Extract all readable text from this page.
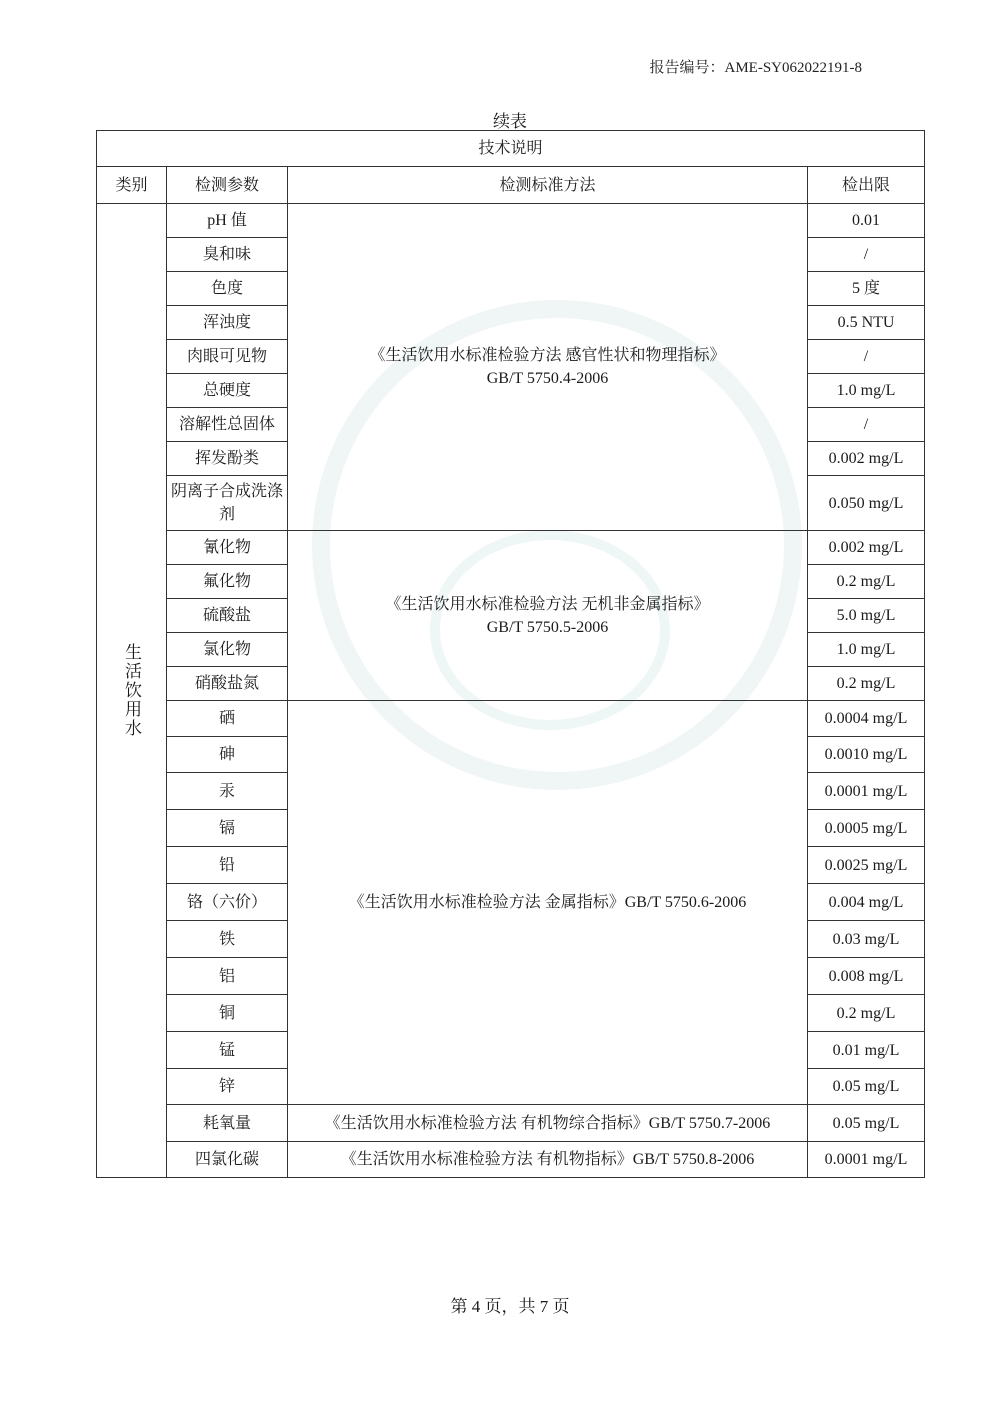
报告编号：AME-SY062022191-8
续表
技术说明			
类别	检测参数	检测标准方法	检出限
生活饮用水	pH 值	《生活饮用水标准检验方法 感官性状和物理指标》
GB/T 5750.4-2006	0.01
	臭和味		/
	色度		5 度
	浑浊度		0.5 NTU
	肉眼可见物		/
	总硬度		1.0 mg/L
	溶解性总固体		/
	挥发酚类		0.002 mg/L
	阴离子合成洗涤剂		0.050 mg/L
	氰化物	《生活饮用水标准检验方法 无机非金属指标》
GB/T 5750.5-2006	0.002 mg/L
	氟化物		0.2 mg/L
	硫酸盐		5.0 mg/L
	氯化物		1.0 mg/L
	硝酸盐氮		0.2 mg/L
	硒	《生活饮用水标准检验方法 金属指标》GB/T 5750.6-2006	0.0004 mg/L
	砷		0.0010 mg/L
	汞		0.0001 mg/L
	镉		0.0005 mg/L
	铅		0.0025 mg/L
	铬（六价）		0.004 mg/L
	铁		0.03 mg/L
	铝		0.008 mg/L
	铜		0.2 mg/L
	锰		0.01 mg/L
	锌		0.05 mg/L
	耗氧量	《生活饮用水标准检验方法 有机物综合指标》GB/T 5750.7-2006	0.05 mg/L
	四氯化碳	《生活饮用水标准检验方法 有机物指标》GB/T 5750.8-2006	0.0001 mg/L
第 4 页，共 7 页
